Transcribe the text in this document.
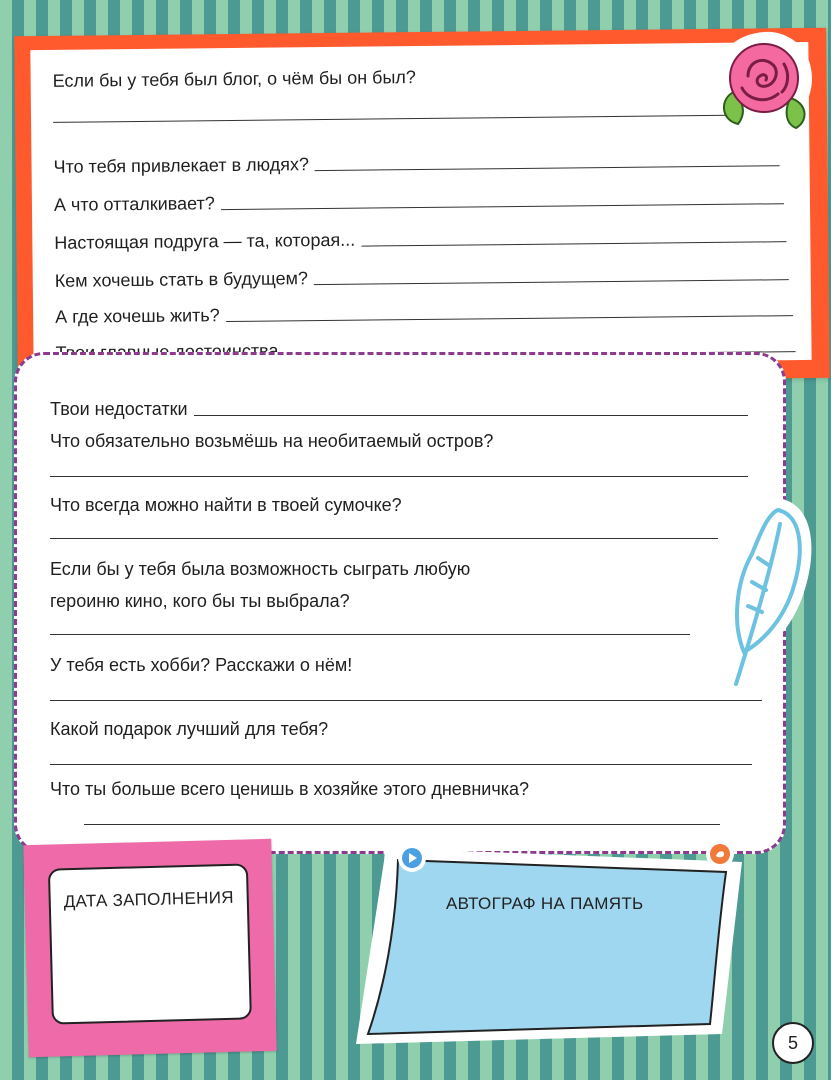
Если бы у тебя был блог, о чём бы он был?
Что тебя привлекает в людях?
А что отталкивает?
Настоящая подруга — та, которая...
Кем хочешь стать в будущем?
А где хочешь жить?
Твои недостатки
Что обязательно возьмёшь на необитаемый остров?
Что всегда можно найти в твоей сумочке?
Если бы у тебя была возможность сыграть любую
героиню кино, кого бы ты выбрала?
У тебя есть хобби? Расскажи о нём!
Какой подарок лучший для тебя?
Что ты больше всего ценишь в хозяйке этого дневничка?
ДАТА ЗАПОЛНЕНИЯ	АВТОГРАФ НА ПАМЯТЬ
5
